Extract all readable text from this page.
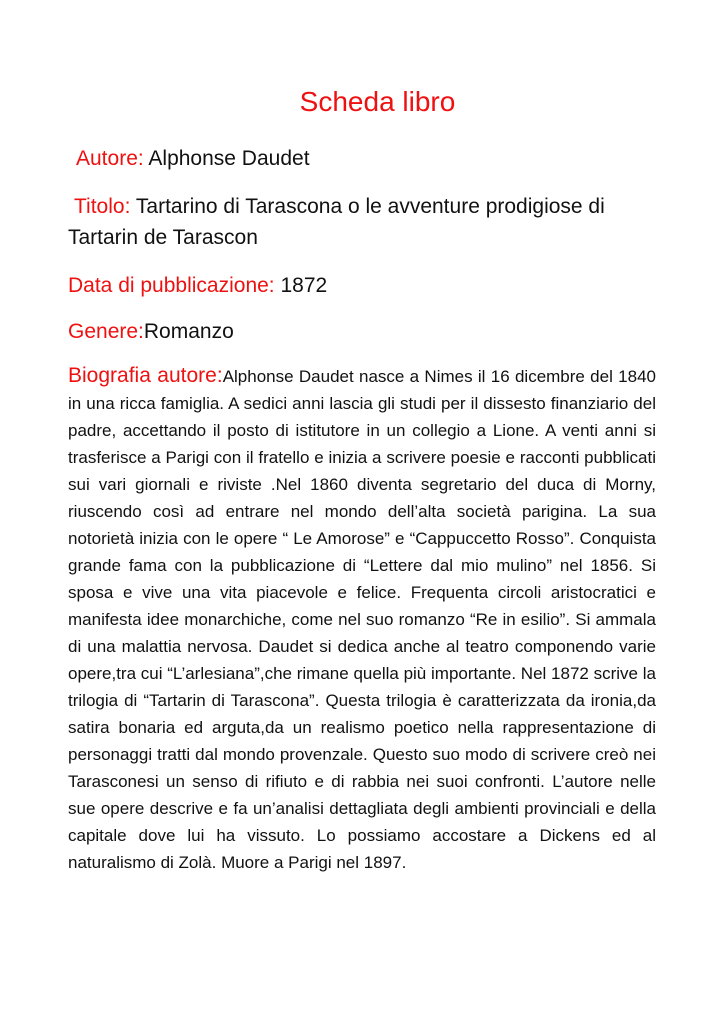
Scheda libro
Autore: Alphonse Daudet
Titolo: Tartarino di Tarascona o le avventure prodigiose di
Tartarin de Tarascon
Data di pubblicazione: 1872
Genere:Romanzo
Biografia autore:Alphonse Daudet nasce a Nimes il 16 dicembre del 1840 in una ricca famiglia. A sedici anni lascia gli studi per il dissesto finanziario del padre, accettando il posto di istitutore in un collegio a Lione. A venti anni si trasferisce a Parigi con il fratello e inizia a scrivere poesie e racconti pubblicati sui vari giornali e riviste .Nel 1860 diventa segretario del duca di Morny, riuscendo così ad entrare nel mondo dell’alta società parigina. La sua notorietà inizia con le opere “ Le Amorose” e “Cappuccetto Rosso”. Conquista grande fama con la pubblicazione di “Lettere dal mio mulino” nel 1856. Si sposa e vive una vita piacevole e felice. Frequenta circoli aristocratici e manifesta idee monarchiche, come nel suo romanzo “Re in esilio”. Si ammala di una malattia nervosa. Daudet si dedica anche al teatro componendo varie opere,tra cui “L’arlesiana”,che rimane quella più importante. Nel 1872 scrive la trilogia di “Tartarin di Tarascona”. Questa trilogia è caratterizzata da ironia,da satira bonaria ed arguta,da un realismo poetico nella rappresentazione di personaggi tratti dal mondo provenzale. Questo suo modo di scrivere creò nei Tarasconesi un senso di rifiuto e di rabbia nei suoi confronti. L’autore nelle sue opere descrive e fa un’analisi dettagliata degli ambienti provinciali e della capitale dove lui ha vissuto. Lo possiamo accostare a Dickens ed al naturalismo di Zolà. Muore a Parigi nel 1897.
